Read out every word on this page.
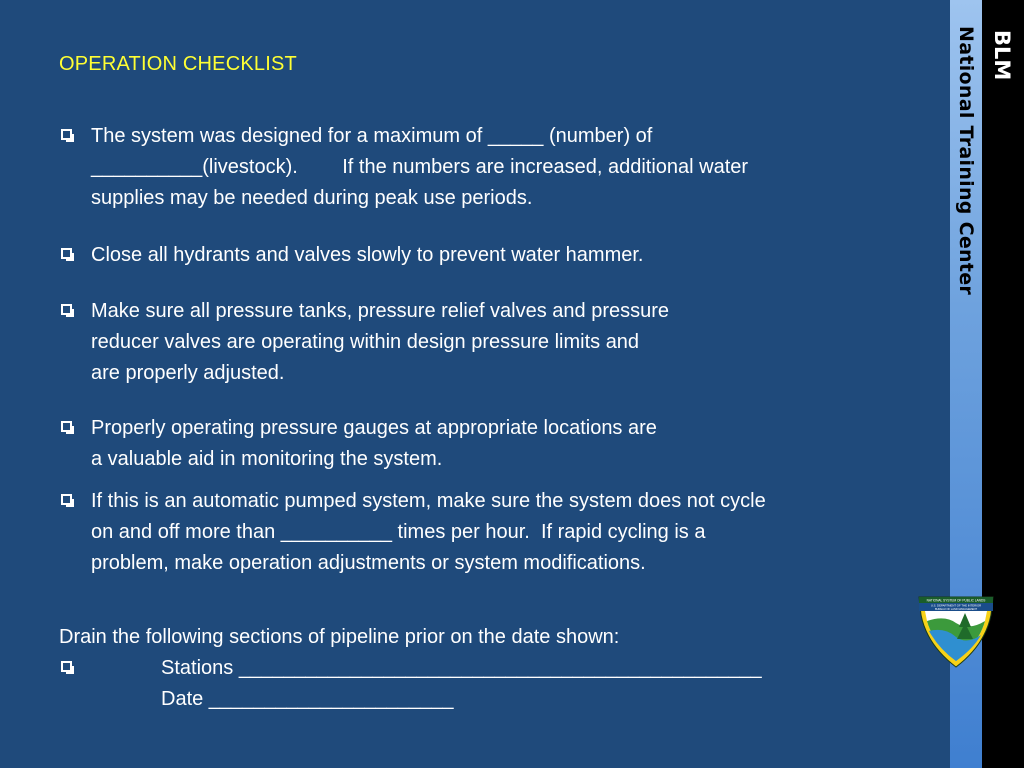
OPERATION CHECKLIST
The system was designed for a maximum of _____ (number) of
__________(livestock).        If the numbers are increased, additional water
supplies may be needed during peak use periods.
Close all hydrants and valves slowly to prevent water hammer.
Make sure all pressure tanks, pressure relief valves and pressure
reducer valves are operating within design pressure limits and
are properly adjusted.
Properly operating pressure gauges at appropriate locations are
a valuable aid in monitoring the system.
If this is an automatic pumped system, make sure the system does not cycle
on and off more than __________ times per hour.  If rapid cycling is a
problem, make operation adjustments or system modifications.
Drain the following sections of pipeline prior on the date shown:
Stations _______________________________________________
Date ______________________
BLM
National Training Center
NATIONAL SYSTEM OF PUBLIC LANDS
U.S. DEPARTMENT OF THE INTERIOR
BUREAU OF LAND MANAGEMENT
